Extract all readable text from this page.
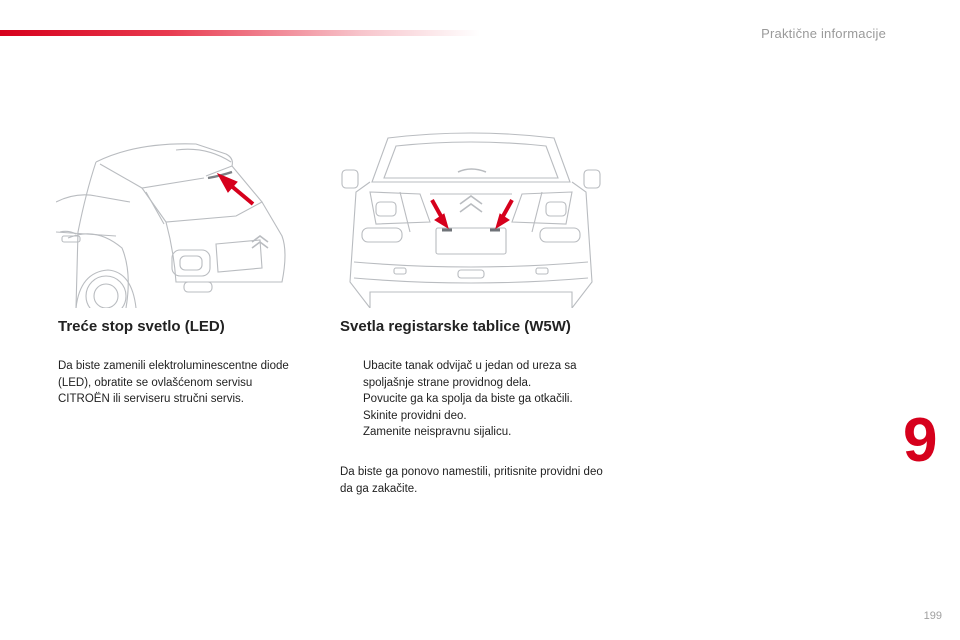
Praktične informacije
Treće stop svetlo (LED)
Da biste zamenili elektroluminescentne diode (LED), obratite se ovlašćenom servisu CITROËN ili serviseru stručni servis.
Svetla registarske tablice (W5W)
Ubacite tanak odvijač u jedan od ureza sa spoljašnje strane providnog dela.
Povucite ga ka spolja da biste ga otkačili.
Skinite providni deo.
Zamenite neispravnu sijalicu.
Da biste ga ponovo namestili, pritisnite providni deo da ga zakačite.
9
199
